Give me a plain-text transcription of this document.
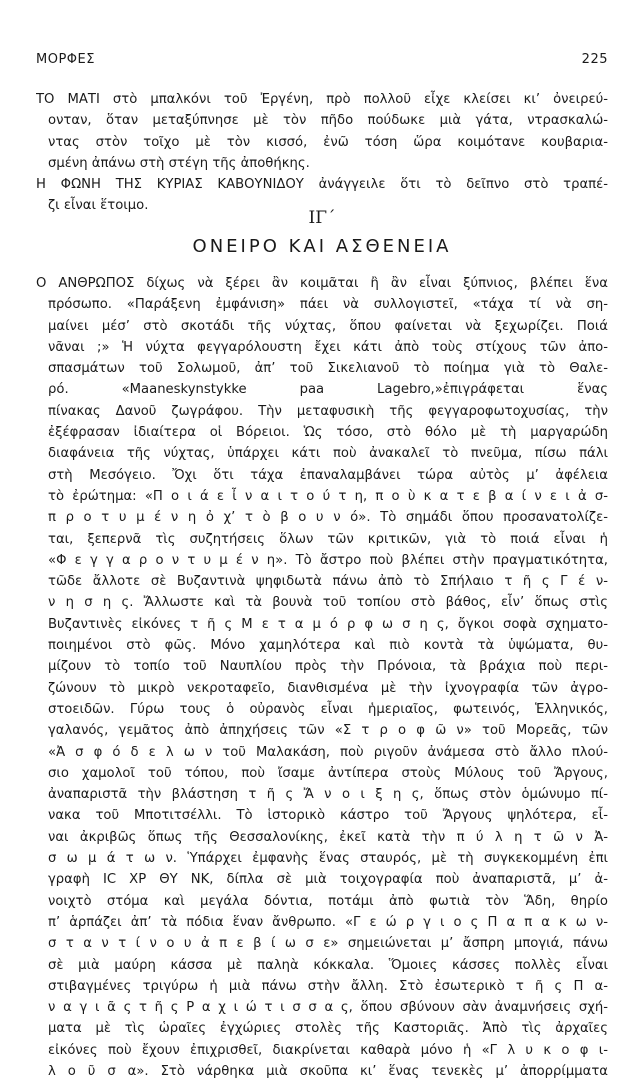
ΜΟΡΦΕΣ	225
ΤΟ ΜΑΤΙ στὸ μπαλκόνι τοῦ Ἐργένη, πρὸ πολλοῦ εἶχε κλείσει κι’ ὀνειρεύ-
ονταν, ὅταν μεταξύπνησε μὲ τὸν πῆδο πούδωκε μιὰ γάτα, ντρασκαλώ-
ντας στὸν τοῖχο μὲ τὸν κισσό, ἐνῶ τόση ὥρα κοιμότανε κουβαρια-
σμένη ἀπάνω στὴ στέγη τῆς ἀποθήκης.
Η ΦΩΝΗ ΤΗΣ ΚΥΡΙΑΣ ΚΑΒΟΥΝΙΔΟΥ ἀνάγγειλε ὅτι τὸ δεῖπνο στὸ τραπέ-
ζι εἶναι ἕτοιμο.
ΙΓ΄
ΟΝΕΙΡΟ ΚΑΙ ΑΣΘΕΝΕΙΑ
Ο ΑΝΘΡΩΠΟΣ δίχως νὰ ξέρει ἂν κοιμᾶται ἢ ἂν εἶναι ξύπνιος, βλέπει ἕνα
πρόσωπο. «Παράξενη ἐμφάνιση» πάει νὰ συλλογιστεῖ, «τάχα τί νὰ ση-
μαίνει μέσ’ στὸ σκοτάδι τῆς νύχτας, ὅπου φαίνεται νὰ ξεχωρίζει. Ποιά
νᾶναι ;» Ἡ νύχτα φεγγαρόλουστη ἔχει κάτι ἀπὸ τοὺς στίχους τῶν ἀπο-
σπασμάτων τοῦ Σολωμοῦ, ἀπ’ τοῦ Σικελιανοῦ τὸ ποίημα γιὰ τὸ Θαλε-
ρό. «Maaneskynstykke paa Lagebro,»ἐπιγράφεται ἕνας
πίνακας Δανοῦ ζωγράφου. Τὴν μεταφυσικὴ τῆς φεγγαροφωτοχυσίας, τὴν
ἐξέφρασαν ἰδιαίτερα οἱ Βόρειοι. Ὡς τόσο, στὸ θόλο μὲ τὴ μαργαρώδη
διαφάνεια τῆς νύχτας, ὑπάρχει κάτι ποὺ ἀνακαλεῖ τὸ πνεῦμα, πίσω πάλι
στὴ Μεσόγειο. Ὄχι ὅτι τάχα ἐπαναλαμβάνει τώρα αὐτὸς μ’ ἀφέλεια
τὸ ἐρώτημα: «Π ο ι ά ε ἶ ν α ι τ ο ύ τ η, π ο ὺ κ α τ ε β α ί ν ε ι ἀ σ-
π ρ ο τ υ μ έ ν η ὀ χ’ τ ὸ β ο υ ν ό». Τὸ σημάδι ὅπου προσανατολίζε-
ται, ξεπερνᾶ τὶς συζητήσεις ὅλων τῶν κριτικῶν, γιὰ τὸ ποιά εἶναι ἡ
«Φ ε γ γ α ρ ο ν τ υ μ έ ν η». Τὸ ἄστρο ποὺ βλέπει στὴν πραγματικότητα,
τῶδε ἄλλοτε σὲ Βυζαντινὰ ψηφιδωτὰ πάνω ἀπὸ τὸ Σπήλαιο τ ῆ ς Γ έ ν-
ν η σ η ς. Ἄλλωστε καὶ τὰ βουνὰ τοῦ τοπίου στὸ βάθος, εἶν’ ὅπως στὶς
Βυζαντινὲς εἰκόνες τ ῆ ς Μ ε τ α μ ό ρ φ ω σ η ς, ὄγκοι σοφὰ σχηματο-
ποιημένοι στὸ φῶς. Μόνο χαμηλότερα καὶ πιὸ κοντὰ τὰ ὑψώματα, θυ-
μίζουν τὸ τοπίο τοῦ Ναυπλίου πρὸς τὴν Πρόνοια, τὰ βράχια ποὺ περι-
ζώνουν τὸ μικρὸ νεκροταφεῖο, διανθισμένα μὲ τὴν ἰχνογραφία τῶν ἀγρο-
στοειδῶν. Γύρω τους ὁ οὐρανὸς εἶναι ἡμεριαῖος, φωτεινός, Ἑλληνικός,
γαλανός, γεμᾶτος ἀπὸ ἀπηχήσεις τῶν «Σ τ ρ ο φ ῶ ν» τοῦ Μορεᾶς, τῶν
«Ἀ σ φ ό δ ε λ ω ν τοῦ Μαλακάση, ποὺ ριγοῦν ἀνάμεσα στὸ ἄλλο πλού-
σιο χαμολοῖ τοῦ τόπου, ποὺ ἴσαμε ἀντίπερα στοὺς Μύλους τοῦ Ἄργους,
ἀναπαριστᾶ τὴν βλάστηση τ ῆ ς Ἄ ν ο ι ξ η ς, ὅπως στὸν ὁμώνυμο πί-
νακα τοῦ Μποτιτσέλλι. Τὸ ἱστορικὸ κάστρο τοῦ Ἄργους ψηλότερα, εἶ-
ναι ἀκριβῶς ὅπως τῆς Θεσσαλονίκης, ἐκεῖ κατὰ τὴν π ύ λ η τ ῶ ν Ἀ-
σ ω μ ά τ ω ν. Ὑπάρχει ἐμφανὴς ἕνας σταυρός, μὲ τὴ συγκεκομμένη ἐπι
γραφὴ IC XP ΘΥ ΝΚ, δίπλα σὲ μιὰ τοιχογραφία ποὺ ἀναπαριστᾶ, μ’ ἀ-
νοιχτὸ στόμα καὶ μεγάλα δόντια, ποτάμι ἀπὸ φωτιὰ τὸν Ἅδη, θηρίο
π’ ἁρπάζει ἀπ’ τὰ πόδια ἕναν ἄνθρωπο. «Γ ε ώ ρ γ ι ο ς Π α π α κ ω ν-
σ τ α ν τ ί ν ο υ ἀ π ε β ί ω σ ε» σημειώνεται μ’ ἄσπρη μπογιά, πάνω
σὲ μιὰ μαύρη κάσσα μὲ παληὰ κόκκαλα. Ὅμοιες κάσσες πολλὲς εἶναι
στιβαγμένες τριγύρω ἡ μιὰ πάνω στὴν ἄλλη. Στὸ ἐσωτερικὸ τ ῆ ς Π α-
ν α γ ι ᾶ ς τ ῆ ς Ρ α χ ι ώ τ ι σ σ α ς, ὅπου σβύνουν σὰν ἀναμνήσεις σχή-
ματα μὲ τὶς ὡραῖες ἐγχώριες στολὲς τῆς Καστοριᾶς. Ἀπὸ τὶς ἀρχαῖες
εἰκόνες ποὺ ἔχουν ἐπιχρισθεῖ, διακρίνεται καθαρὰ μόνο ἡ «Γ λ υ κ ο φ ι-
λ ο ῦ σ α». Στὸ νάρθηκα μιὰ σκοῦπα κι’ ἕνας τενεκὲς μ’ ἀπορρίμματα
